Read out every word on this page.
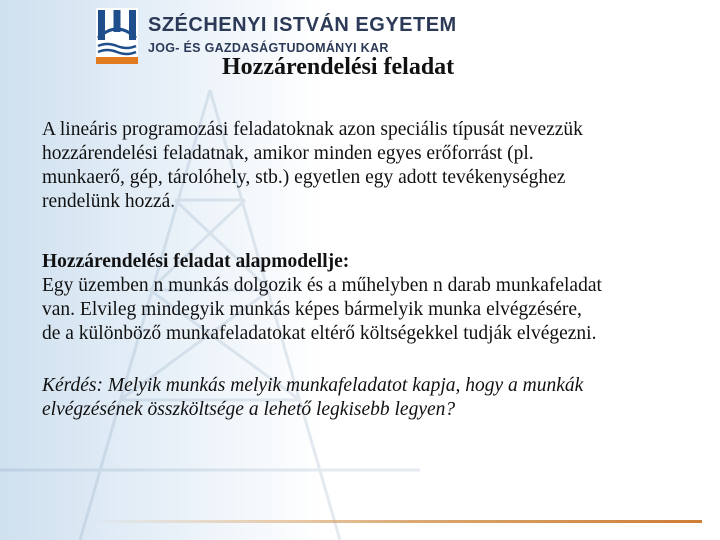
SZÉCHENYI ISTVÁN EGYETEM
JOG- ÉS GAZDASÁGTUDOMÁNYI KAR
Hozzárendelési feladat
A lineáris programozási feladatoknak azon speciális típusát nevezzük
hozzárendelési feladatnak, amikor minden egyes erőforrást (pl.
munkaerő, gép, tárolóhely, stb.) egyetlen egy adott tevékenységhez
rendelünk hozzá.
Hozzárendelési feladat alapmodellje:
Egy üzemben n munkás dolgozik és a műhelyben n darab munkafeladat
van. Elvileg mindegyik munkás képes bármelyik munka elvégzésére,
de a különböző munkafeladatokat eltérő költségekkel tudják elvégezni.
Kérdés: Melyik munkás melyik munkafeladatot kapja, hogy a munkák
elvégzésének összköltsége a lehető legkisebb legyen?
